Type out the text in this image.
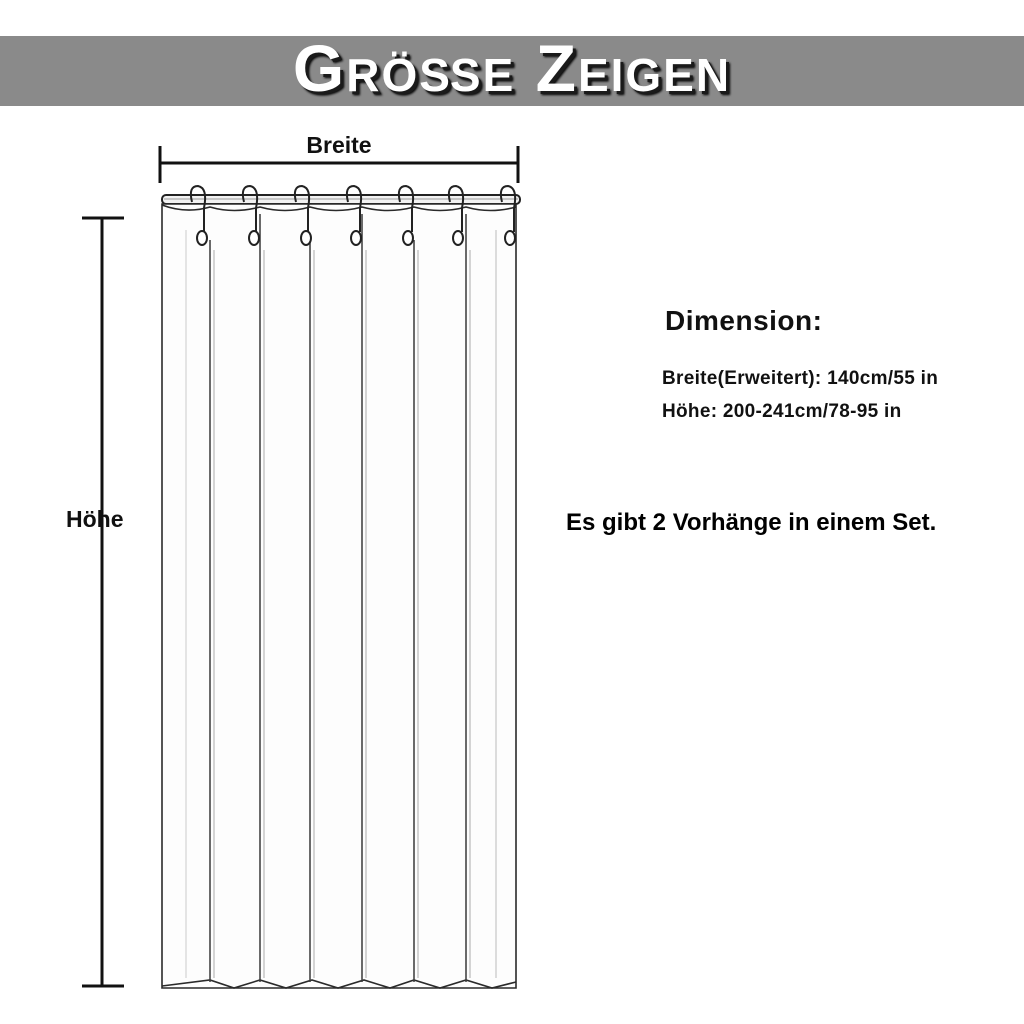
Größe Zeigen
Breite
Höhe
Dimension:
Breite(Erweitert): 140cm/55 in
Höhe: 200-241cm/78-95 in
Es gibt 2 Vorhänge in einem Set.
